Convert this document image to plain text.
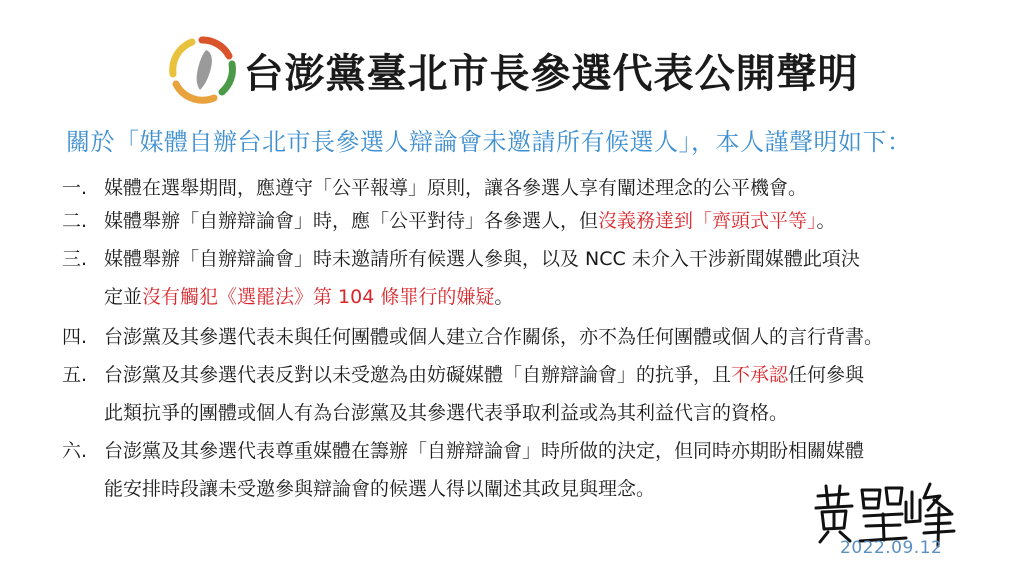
台澎黨臺北市長參選代表公開聲明
關於「媒體自辦台北市長參選人辯論會未邀請所有候選人」，本人謹聲明如下：
一. 媒體在選舉期間，應遵守「公平報導」原則，讓各參選人享有闡述理念的公平機會。
二. 媒體舉辦「自辦辯論會」時，應「公平對待」各參選人，但沒義務達到「齊頭式平等」。
三. 媒體舉辦「自辦辯論會」時未邀請所有候選人參與，以及 NCC 未介入干涉新聞媒體此項決
定並沒有觸犯《選罷法》第 104 條罪行的嫌疑。
四. 台澎黨及其參選代表未與任何團體或個人建立合作關係，亦不為任何團體或個人的言行背書。
五. 台澎黨及其參選代表反對以未受邀為由妨礙媒體「自辦辯論會」的抗爭，且不承認任何參與
此類抗爭的團體或個人有為台澎黨及其參選代表爭取利益或為其利益代言的資格。
六. 台澎黨及其參選代表尊重媒體在籌辦「自辦辯論會」時所做的決定，但同時亦期盼相關媒體
能安排時段讓未受邀參與辯論會的候選人得以闡述其政見與理念。
2022.09.12
